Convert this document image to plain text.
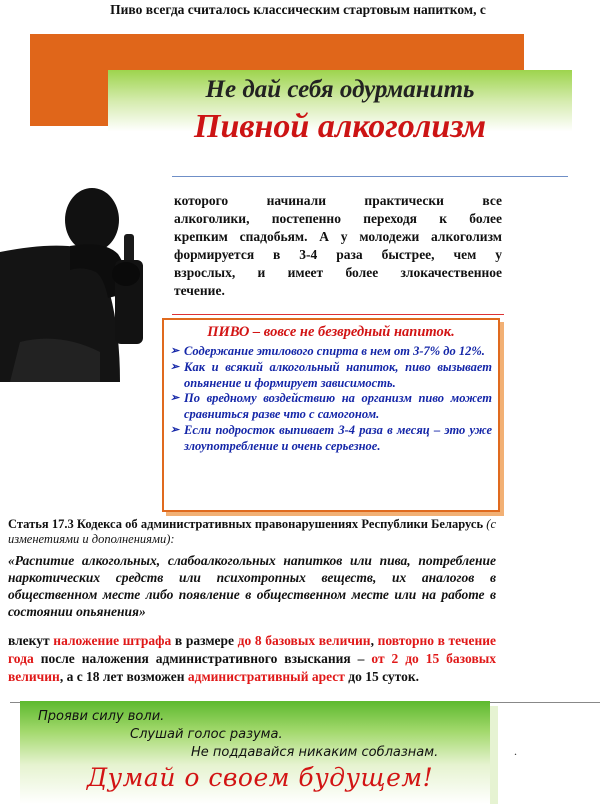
Пиво всегда считалось классическим стартовым напитком, с
Не дай себя одурманить
Пивной алкоголизм
которого начинали практически все
алкоголики, постепенно переходя к более
крепким спадобьям. А у молодежи алкоголизм
формируется в 3-4 раза быстрее, чем у
взрослых, и имеет более злокачественное
течение.
ПИВО – вовсе не безвредный напиток.
➢ Содержание этилового спирта в нем от 3-7% до 12%.
➢ Как и всякий алкогольный напиток, пиво вызывает опьянение и формирует зависимость.
➢ По вредному воздействию на организм пиво может сравниться разве что с самогоном.
➢ Если подросток выпивает 3-4 раза в месяц – это уже злоупотребление и очень серьезное.
Статья 17.3 Кодекса об административных правонарушениях Республики Беларусь (с изменетиями и дополнениями):
«Распитие алкогольных, слабоалкогольных напитков или пива, потребление наркотических средств или психотропных веществ, их аналогов в общественном месте либо появление в общественном месте или на работе в состоянии опьянения»
влекут наложение штрафа в размере до 8 базовых величин, повторно в течение года после наложения административного взыскания – от 2 до 15 базовых величин, а с 18 лет возможен административный арест до 15 суток.
Прояви силу воли.
Слушай голос разума.
Не поддавайся никаким соблазнам.
Думай о своем будущем!
.
